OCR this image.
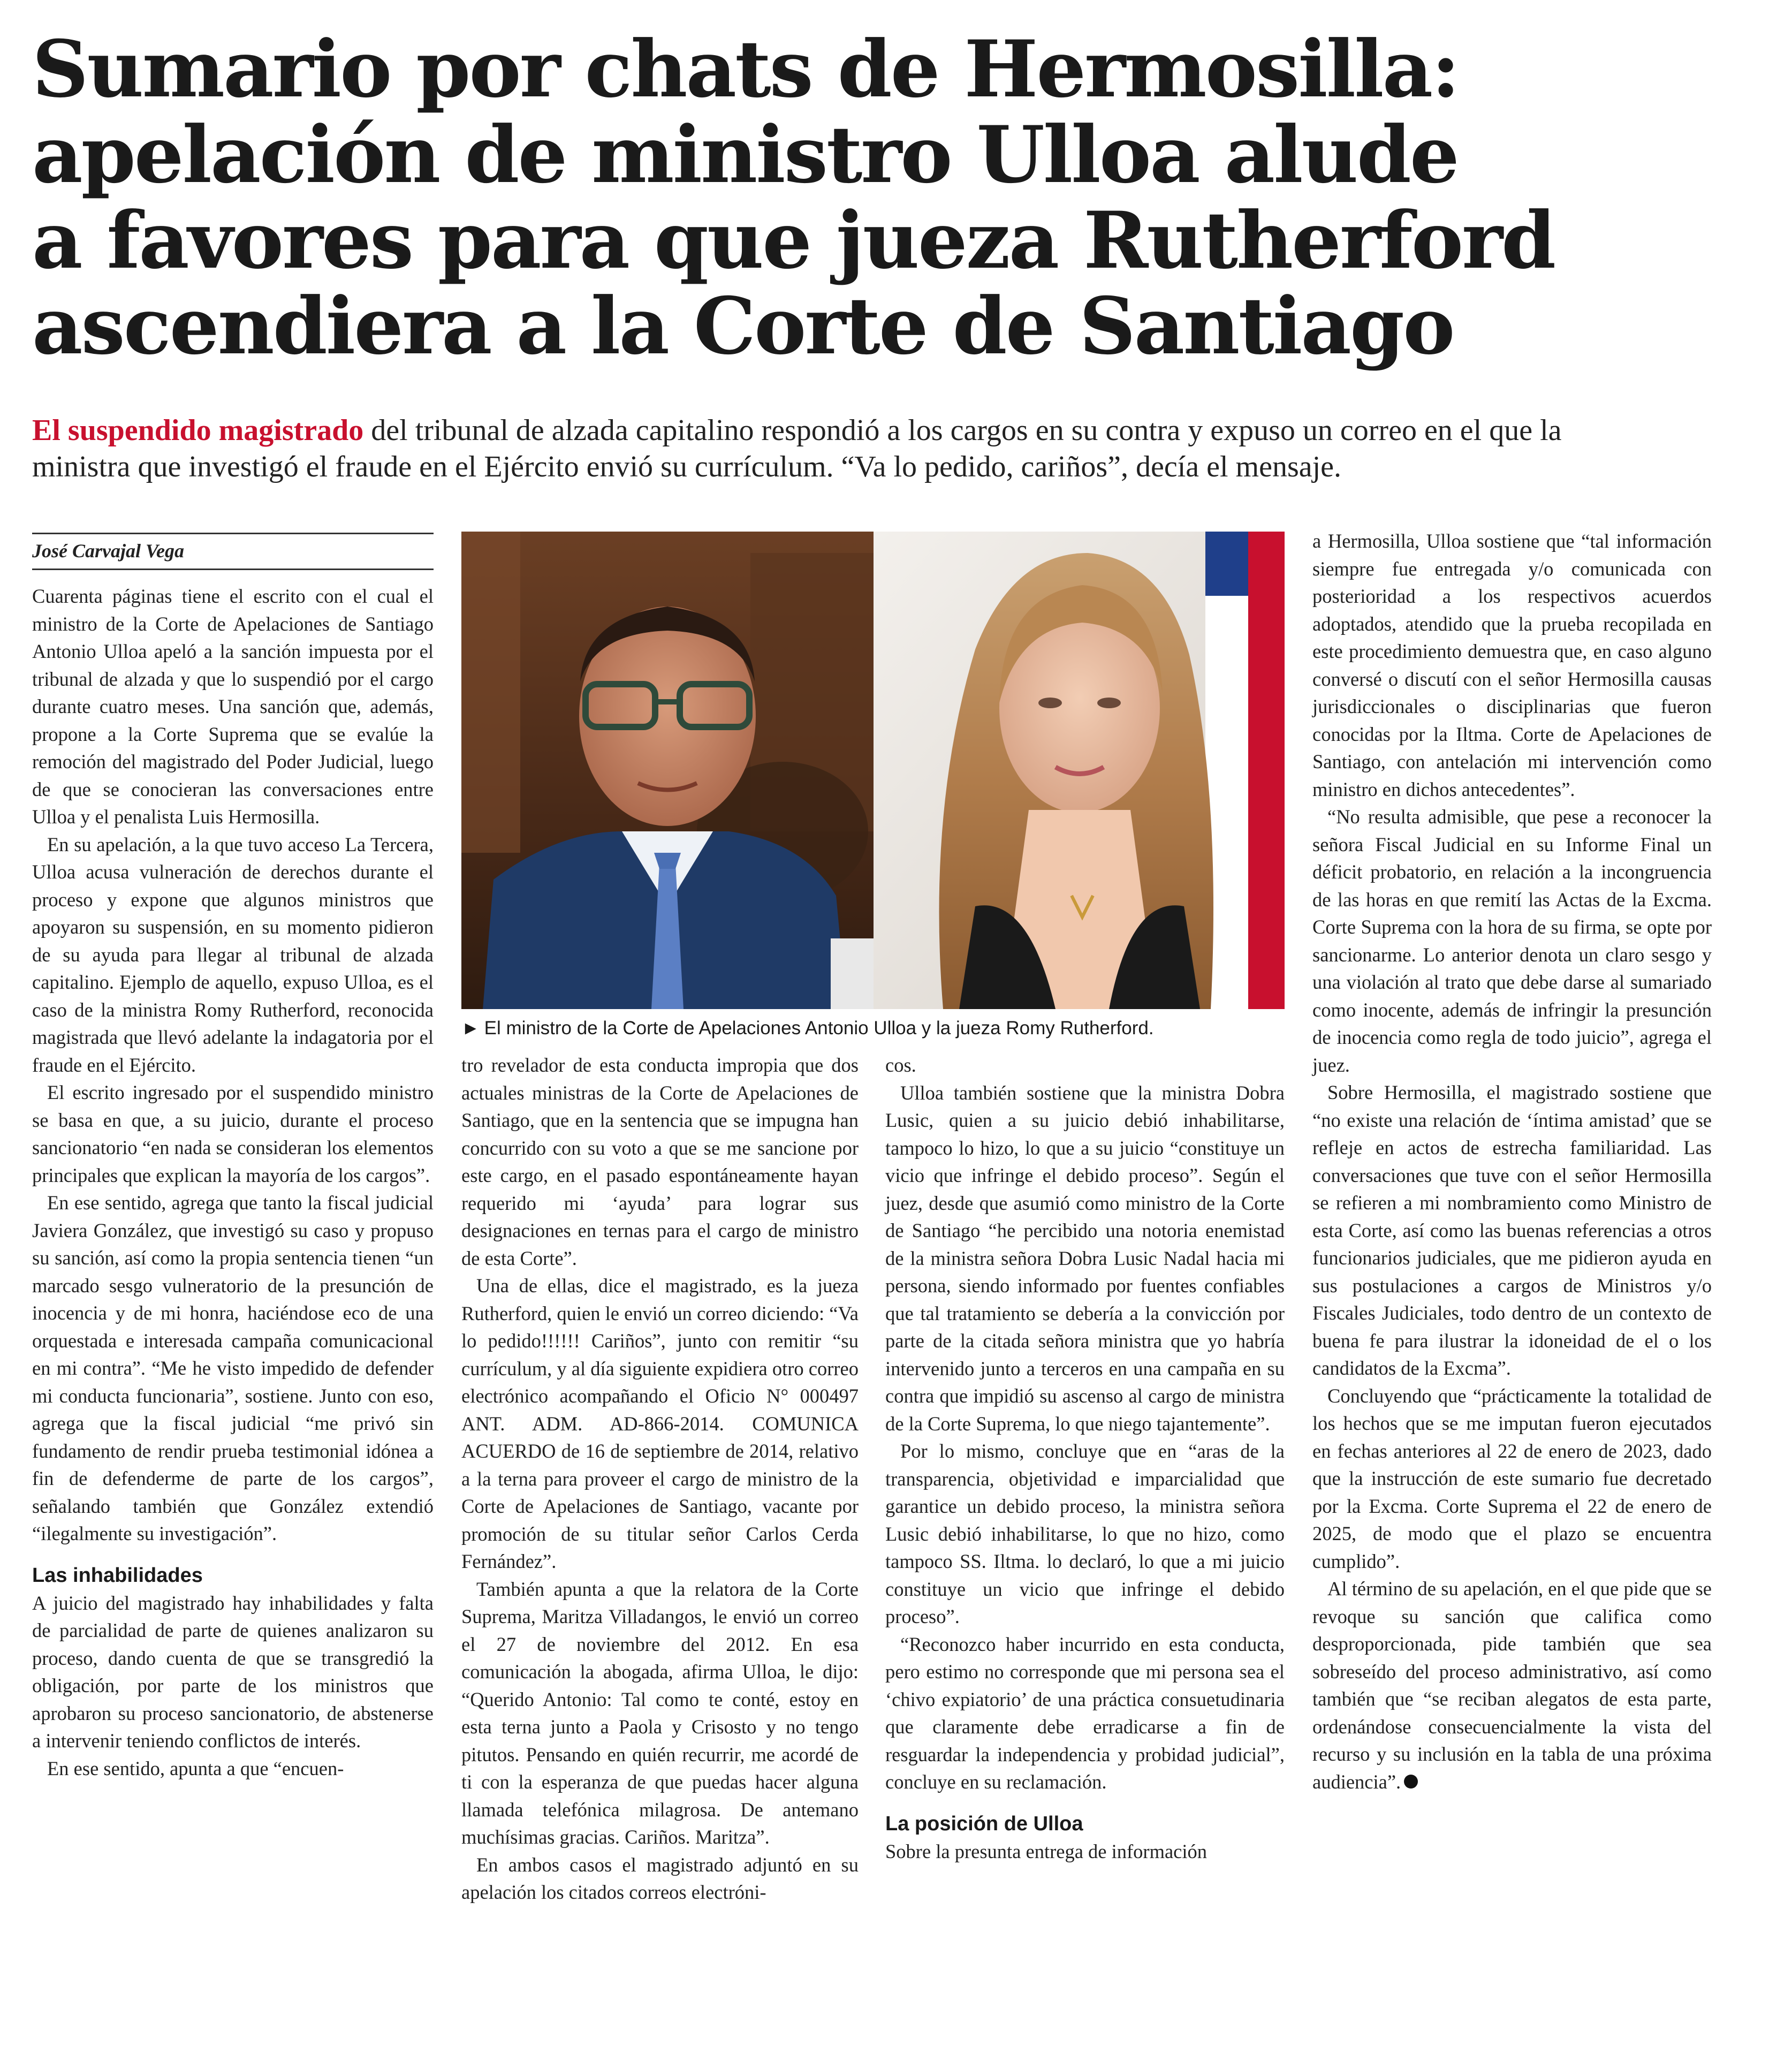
Sumario por chats de Hermosilla:
apelación de ministro Ulloa alude
a favores para que jueza Rutherford
ascendiera a la Corte de Santiago

El suspendido magistrado del tribunal de alzada capitalino respondió a los cargos en su contra y expuso un correo en el que la ministra que investigó el fraude en el Ejército envió su currículum. “Va lo pedido, cariños”, decía el mensaje.

José Carvajal Vega

Cuarenta páginas tiene el escrito con el cual el ministro de la Corte de Apelaciones de Santiago Antonio Ulloa apeló a la sanción impuesta por el tribunal de alzada y que lo suspendió por el cargo durante cuatro meses. Una sanción que, además, propone a la Corte Suprema que se evalúe la remoción del magistrado del Poder Judicial, luego de que se conocieran las conversaciones entre Ulloa y el penalista Luis Hermosilla.

En su apelación, a la que tuvo acceso La Tercera, Ulloa acusa vulneración de derechos durante el proceso y expone que algunos ministros que apoyaron su suspensión, en su momento pidieron de su ayuda para llegar al tribunal de alzada capitalino. Ejemplo de aquello, expuso Ulloa, es el caso de la ministra Romy Rutherford, reconocida magistrada que llevó adelante la indagatoria por el fraude en el Ejército.

El escrito ingresado por el suspendido ministro se basa en que, a su juicio, durante el proceso sancionatorio “en nada se consideran los elementos principales que explican la mayoría de los cargos”.

En ese sentido, agrega que tanto la fiscal judicial Javiera González, que investigó su caso y propuso su sanción, así como la propia sentencia tienen “un marcado sesgo vulneratorio de la presunción de inocencia y de mi honra, haciéndose eco de una orquestada e interesada campaña comunicacional en mi contra”. “Me he visto impedido de defender mi conducta funcionaria”, sostiene. Junto con eso, agrega que la fiscal judicial “me privó sin fundamento de rendir prueba testimonial idónea a fin de defenderme de parte de los cargos”, señalando también que González extendió “ilegalmente su investigación”.

Las inhabilidades

A juicio del magistrado hay inhabilidades y falta de parcialidad de parte de quienes analizaron su proceso, dando cuenta de que se transgredió la obligación, por parte de los ministros que aprobaron su proceso sancionatorio, de abstenerse a intervenir teniendo conflictos de interés.

En ese sentido, apunta a que “encuen-

► El ministro de la Corte de Apelaciones Antonio Ulloa y la jueza Romy Rutherford.

tro revelador de esta conducta impropia que dos actuales ministras de la Corte de Apelaciones de Santiago, que en la sentencia que se impugna han concurrido con su voto a que se me sancione por este cargo, en el pasado espontáneamente hayan requerido mi ‘ayuda’ para lograr sus designaciones en ternas para el cargo de ministro de esta Corte”.

Una de ellas, dice el magistrado, es la jueza Rutherford, quien le envió un correo diciendo: “Va lo pedido!!!!!! Cariños”, junto con remitir “su currículum, y al día siguiente expidiera otro correo electrónico acompañando el Oficio N° 000497 ANT. ADM. AD-866-2014. COMUNICA ACUERDO de 16 de septiembre de 2014, relativo a la terna para proveer el cargo de ministro de la Corte de Apelaciones de Santiago, vacante por promoción de su titular señor Carlos Cerda Fernández”.

También apunta a que la relatora de la Corte Suprema, Maritza Villadangos, le envió un correo el 27 de noviembre del 2012. En esa comunicación la abogada, afirma Ulloa, le dijo: “Querido Antonio: Tal como te conté, estoy en esta terna junto a Paola y Crisosto y no tengo pitutos. Pensando en quién recurrir, me acordé de ti con la esperanza de que puedas hacer alguna llamada telefónica milagrosa. De antemano muchísimas gracias. Cariños. Maritza”.

En ambos casos el magistrado adjuntó en su apelación los citados correos electróni-

cos.

Ulloa también sostiene que la ministra Dobra Lusic, quien a su juicio debió inhabilitarse, tampoco lo hizo, lo que a su juicio “constituye un vicio que infringe el debido proceso”. Según el juez, desde que asumió como ministro de la Corte de Santiago “he percibido una notoria enemistad de la ministra señora Dobra Lusic Nadal hacia mi persona, siendo informado por fuentes confiables que tal tratamiento se debería a la convicción por parte de la citada señora ministra que yo habría intervenido junto a terceros en una campaña en su contra que impidió su ascenso al cargo de ministra de la Corte Suprema, lo que niego tajantemente”.

Por lo mismo, concluye que en “aras de la transparencia, objetividad e imparcialidad que garantice un debido proceso, la ministra señora Lusic debió inhabilitarse, lo que no hizo, como tampoco SS. Iltma. lo declaró, lo que a mi juicio constituye un vicio que infringe el debido proceso”.

“Reconozco haber incurrido en esta conducta, pero estimo no corresponde que mi persona sea el ‘chivo expiatorio’ de una práctica consuetudinaria que claramente debe erradicarse a fin de resguardar la independencia y probidad judicial”, concluye en su reclamación.

La posición de Ulloa

Sobre la presunta entrega de información

a Hermosilla, Ulloa sostiene que “tal información siempre fue entregada y/o comunicada con posterioridad a los respectivos acuerdos adoptados, atendido que la prueba recopilada en este procedimiento demuestra que, en caso alguno conversé o discutí con el señor Hermosilla causas jurisdiccionales o disciplinarias que fueron conocidas por la Iltma. Corte de Apelaciones de Santiago, con antelación mi intervención como ministro en dichos antecedentes”.

“No resulta admisible, que pese a reconocer la señora Fiscal Judicial en su Informe Final un déficit probatorio, en relación a la incongruencia de las horas en que remití las Actas de la Excma. Corte Suprema con la hora de su firma, se opte por sancionarme. Lo anterior denota un claro sesgo y una violación al trato que debe darse al sumariado como inocente, además de infringir la presunción de inocencia como regla de todo juicio”, agrega el juez.

Sobre Hermosilla, el magistrado sostiene que “no existe una relación de ‘íntima amistad’ que se refleje en actos de estrecha familiaridad. Las conversaciones que tuve con el señor Hermosilla se refieren a mi nombramiento como Ministro de esta Corte, así como las buenas referencias a otros funcionarios judiciales, que me pidieron ayuda en sus postulaciones a cargos de Ministros y/o Fiscales Judiciales, todo dentro de un contexto de buena fe para ilustrar la idoneidad de el o los candidatos de la Excma”.

Concluyendo que “prácticamente la totalidad de los hechos que se me imputan fueron ejecutados en fechas anteriores al 22 de enero de 2023, dado que la instrucción de este sumario fue decretado por la Excma. Corte Suprema el 22 de enero de 2025, de modo que el plazo se encuentra cumplido”.

Al término de su apelación, en el que pide que se revoque su sanción que califica como desproporcionada, pide también que sea sobreseído del proceso administrativo, así como también que “se reciban alegatos de esta parte, ordenándose consecuencialmente la vista del recurso y su inclusión en la tabla de una próxima audiencia”.
